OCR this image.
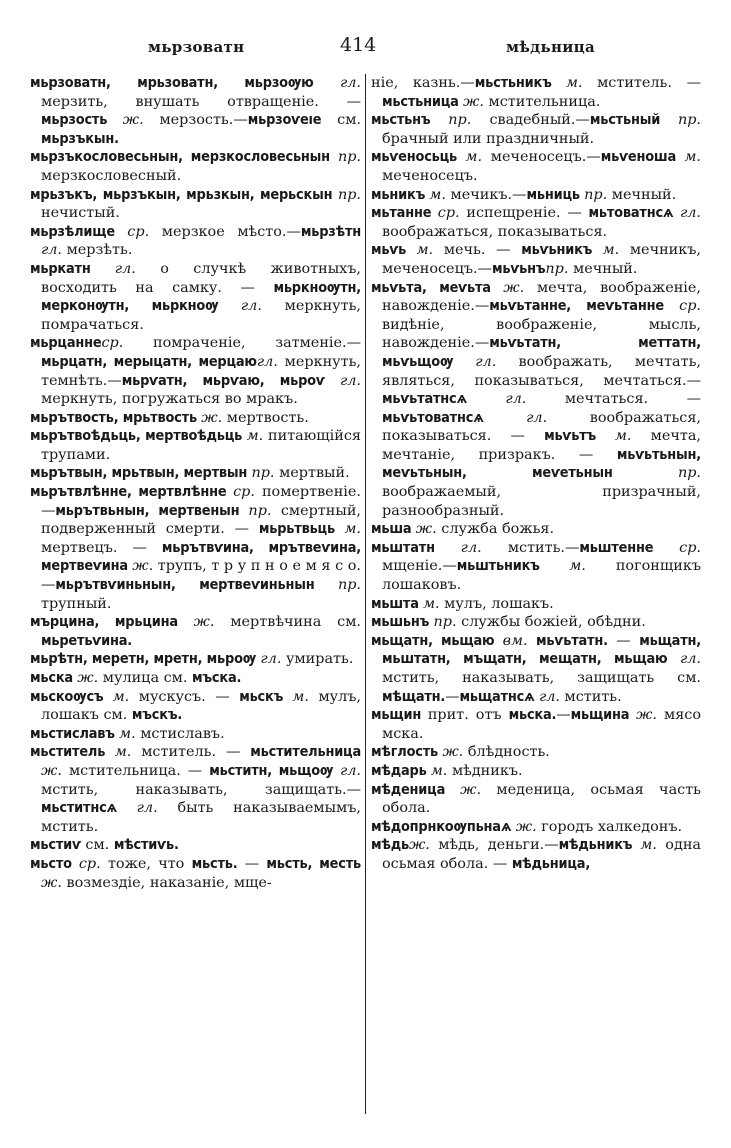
мьрзоватн	414	мѣдьница

мьрзоватн, мрьзоватн, мьрзоѹю гл. мерзить, внушать отвращеніе. — мьрзость ж. мерзость.—мьрзоѵеıе см. мьрзъкын.

мьрзъкословесьнын, мерзкословесьнын пр. мерзкословесный.

мрьзъкъ, мьрзъкын, мрьзкын, мерьскын пр. нечистый.

мьрзѣлище ср. мерзкое мѣсто.—мьрзѣтн гл. мерзѣть.

мьркатн гл. о случкѣ животныхъ, восходить на самку. — мьркноѹтн, мерконѹтн, мьркноѹ гл. меркнуть, помрачаться.

мьрцаннеср. помраченіе, затменіе.—мьрцатн, мерыцатн, мерцаюгл. меркнуть, темнѣть.—мьрѵатн, мьрѵаю, мьроѵ гл. меркнуть, погружаться во мракъ.

мьрътвость, мрьтвость ж. мертвость.

мьрътвоѣдьць, мертвоѣдьць м. питающійся трупами.

мьрътвын, мрьтвын, мертвын пр. мертвый.

мьрътвлѣнне, мертвлѣнне ср. помертвеніе.—мьрътвьнын, мертвенын пр. смертный, подверженный смерти. — мьрьтвьць м. мертвецъ. — мьрътвѵина, мрътвеѵина, мертвеѵина ж. трупъ, т р у п н о е м я с о.—мьрътвѵиньнын, мертвеѵиньнын пр. трупный.

мърцина, мрьцина ж. мертвѣчина см. мьретьѵина.

мьрѣтн, меретн, мретн, мьроѹ гл. умирать.

мьска ж. мулица см. мъска.

мьскоѹсъ м. мускусъ. — мьскъ м. мулъ, лошакъ см. мъскъ.

мьстиславъ м. мстиславъ.

мьститель м. мститель. — мьстительница ж. мстительница. — мьститн, мьщоѹ гл. мстить, наказывать, защищать.— мьститнсѧ гл. быть наказываемымъ, мстить.

мьстиѵ см. мѣстиѵь.

мьсто ср. тоже, что мьсть. — мьсть, месть ж. возмездіе, наказаніе, мще-

ніе, казнь.—мьстьникъ м. мститель. — мьстьница ж. мстительница.

мьстьнъ пр. свадебный.—мьстьный пр. брачный или праздничный.

мьѵеносьць м. меченосецъ.—мьѵеноша м. меченосецъ.

мьникъ м. мечикъ.—мьниць пр. мечный.

мьтанне ср. испещреніе. — мьтоватнсѧ гл. воображаться, показываться.

мьѵь м. мечь. — мьѵьникъ м. мечникъ, меченосецъ.—мьѵьнъпр. мечный.

мьѵьта, меѵьта ж. мечта, воображеніе, навожденіе.—мьѵьтанне, меѵьтанне ср. видѣніе, воображеніе, мысль, навожденіе.—мьѵьтатн, меттатн, мьѵьщоѹ гл. воображать, мечтать, являться, показываться, мечтаться.—мьѵьтатнсѧ гл. мечтаться. — мьѵьтоватнсѧ гл. воображаться, показываться. — мьѵьтъ м. мечта, мечтаніе, призракъ. — мьѵьтьнын, меѵьтьнын, меѵетьнын пр. воображаемый, призрачный, разнообразный.

мьша ж. служба божья.

мьштатн гл. мстить.—мьштенне ср. мщеніе.—мьштьникъ м. погонщикъ лошаковъ.

мьшта м. мулъ, лошакъ.

мьшьнъ пр. службы божіей, обѣдни.

мьщатн, мьщаю вм. мьѵьтатн. — мьщатн, мьштатн, мъщатн, мещатн, мьщаю гл. мстить, наказывать, защищать см. мѣщатн.—мьщатнсѧ гл. мстить.

мьщин прит. отъ мьска.—мьщина ж. мясо мска.

мѣглость ж. блѣдность.

мѣдарь м. мѣдникъ.

мѣденица ж. меденица, осьмая часть обола.

мѣдопрнкоѹпьнаѧ ж. городъ халкедонъ.

мѣдьж. мѣдь, деньги.—мѣдьникъ м. одна осьмая обола. — мѣдьница,
